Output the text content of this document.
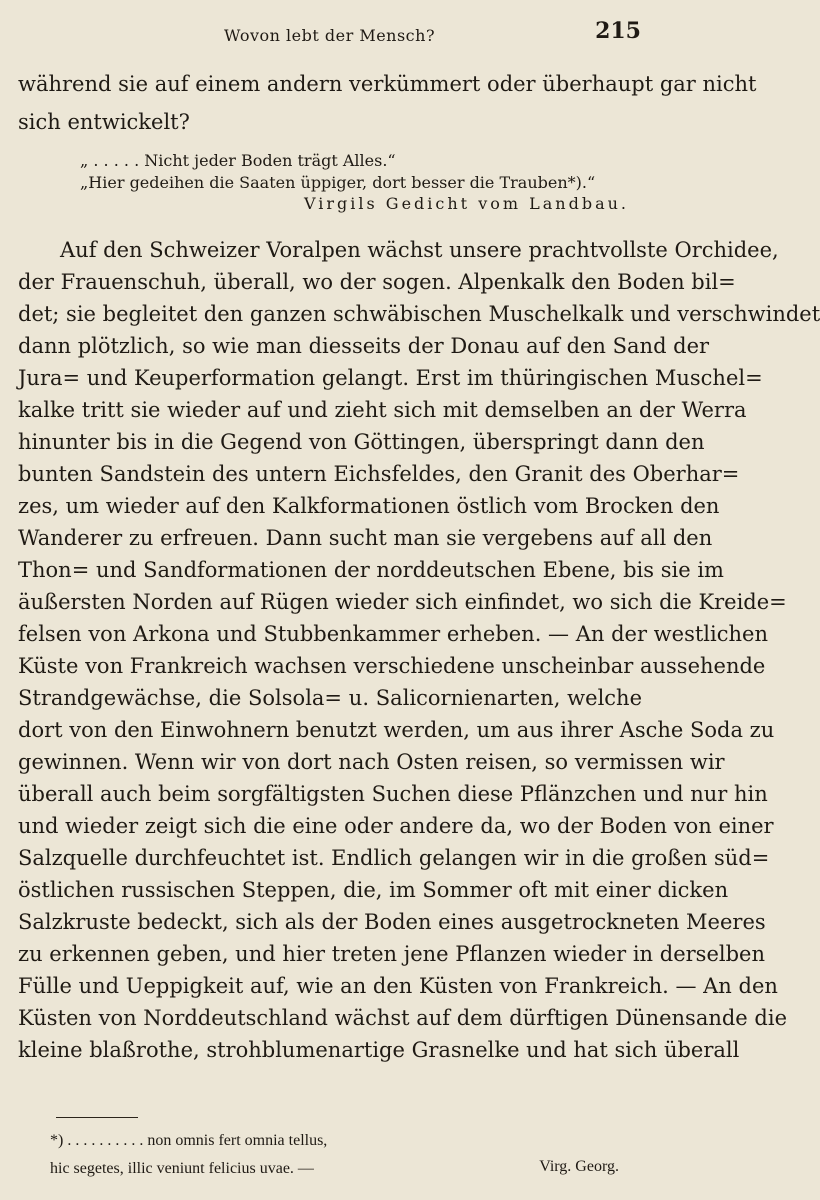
Wovon lebt der Mensch?	215
während sie auf einem andern verkümmert oder überhaupt gar nicht
sich entwickelt?
„ . . . . . Nicht jeder Boden trägt Alles.“
„Hier gedeihen die Saaten üppiger, dort besser die Trauben*).“
Virgils Gedicht vom Landbau.
Auf den Schweizer Voralpen wächst unsere prachtvollste Orchidee,
der Frauenschuh, überall, wo der sogen. Alpenkalk den Boden bil=
det; sie begleitet den ganzen schwäbischen Muschelkalk und verschwindet
dann plötzlich, so wie man diesseits der Donau auf den Sand der
Jura= und Keuperformation gelangt. Erst im thüringischen Muschel=
kalke tritt sie wieder auf und zieht sich mit demselben an der Werra
hinunter bis in die Gegend von Göttingen, überspringt dann den
bunten Sandstein des untern Eichsfeldes, den Granit des Oberhar=
zes, um wieder auf den Kalkformationen östlich vom Brocken den
Wanderer zu erfreuen. Dann sucht man sie vergebens auf all den
Thon= und Sandformationen der norddeutschen Ebene, bis sie im
äußersten Norden auf Rügen wieder sich einfindet, wo sich die Kreide=
felsen von Arkona und Stubbenkammer erheben. — An der westlichen
Küste von Frankreich wachsen verschiedene unscheinbar aussehende
Strandgewächse, die Solsola= u. Salicornienarten, welche
dort von den Einwohnern benutzt werden, um aus ihrer Asche Soda zu
gewinnen. Wenn wir von dort nach Osten reisen, so vermissen wir
überall auch beim sorgfältigsten Suchen diese Pflänzchen und nur hin
und wieder zeigt sich die eine oder andere da, wo der Boden von einer
Salzquelle durchfeuchtet ist. Endlich gelangen wir in die großen süd=
östlichen russischen Steppen, die, im Sommer oft mit einer dicken
Salzkruste bedeckt, sich als der Boden eines ausgetrockneten Meeres
zu erkennen geben, und hier treten jene Pflanzen wieder in derselben
Fülle und Ueppigkeit auf, wie an den Küsten von Frankreich. — An den
Küsten von Norddeutschland wächst auf dem dürftigen Dünensande die
kleine blaßrothe, strohblumenartige Grasnelke und hat sich überall
*) . . . . . . . . . . non omnis fert omnia tellus,
hic segetes, illic veniunt felicius uvae. —	Virg. Georg.
